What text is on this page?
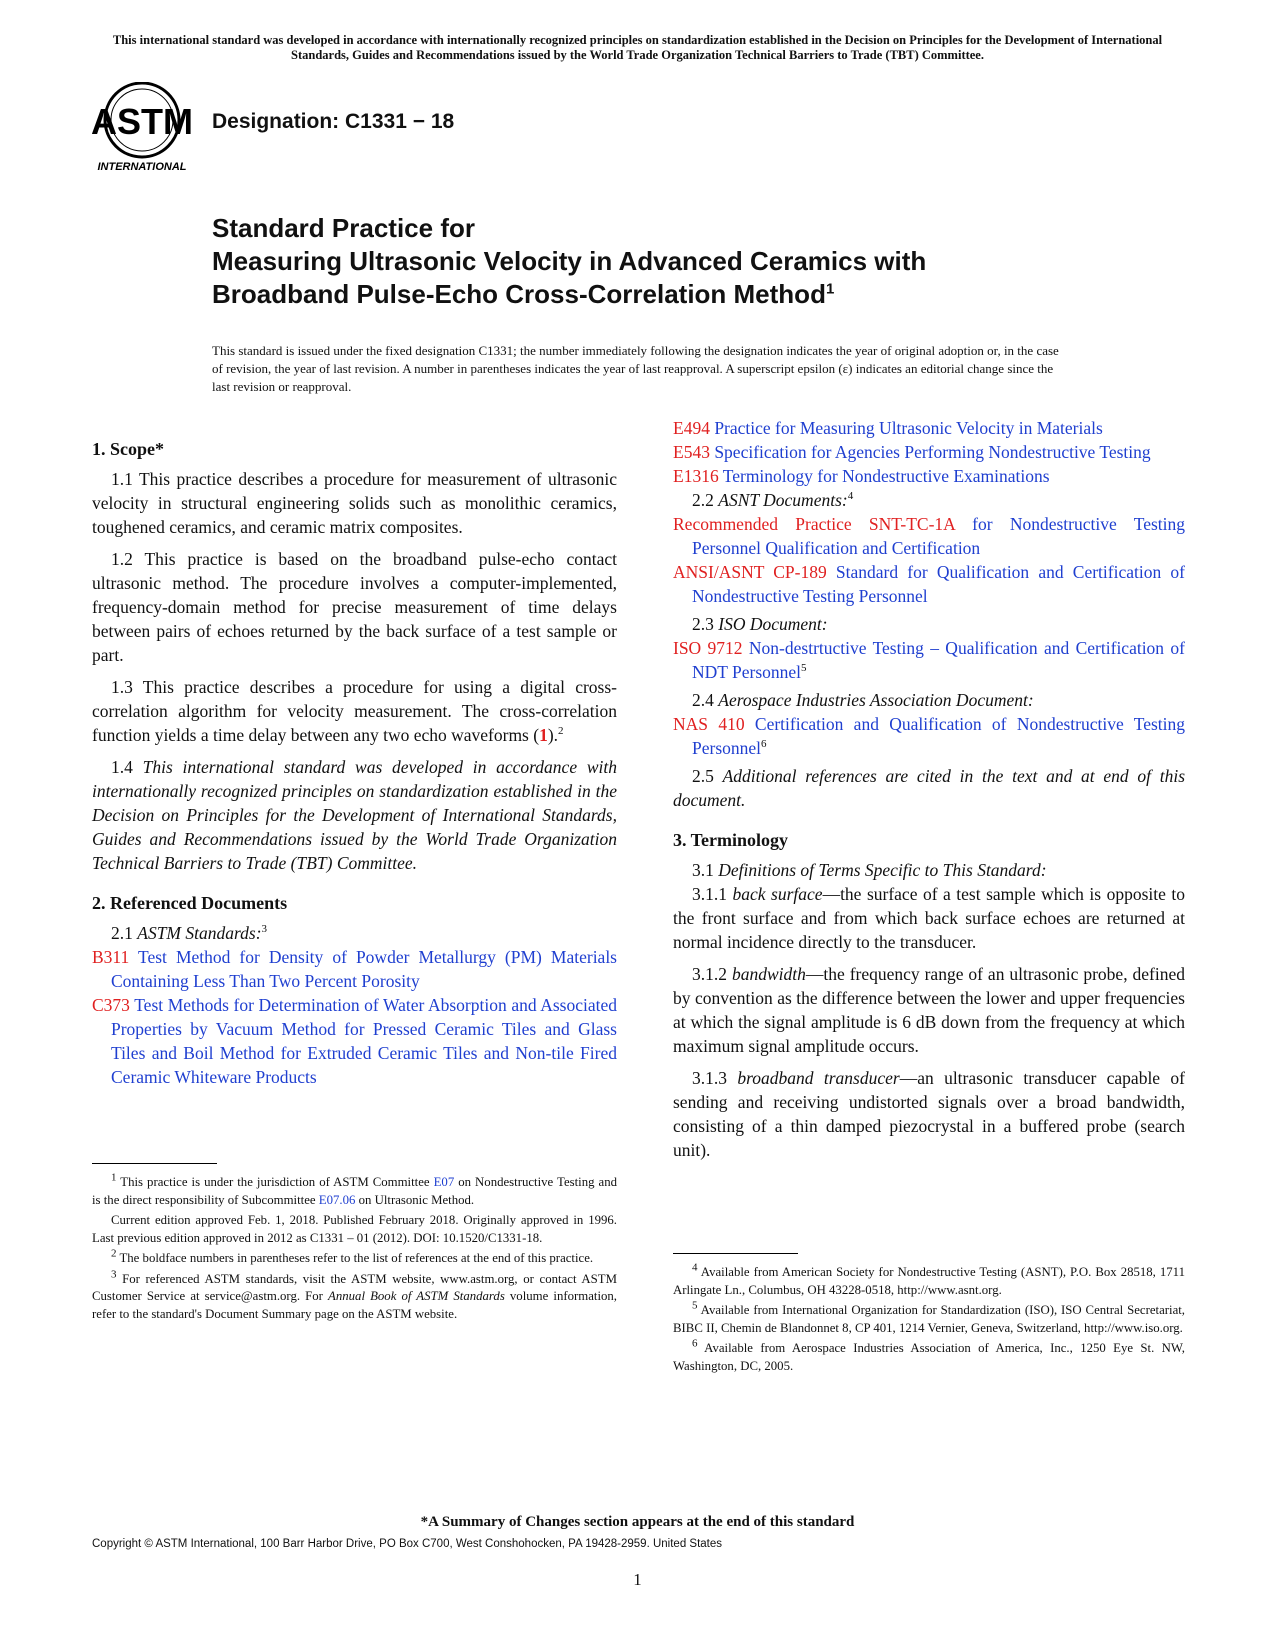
This international standard was developed in accordance with internationally recognized principles on standardization established in the Decision on Principles for the Development of International Standards, Guides and Recommendations issued by the World Trade Organization Technical Barriers to Trade (TBT) Committee.
ASTM
INTERNATIONAL
Designation: C1331 − 18
Standard Practice for
Measuring Ultrasonic Velocity in Advanced Ceramics with
Broadband Pulse-Echo Cross-Correlation Method$^1$
This standard is issued under the fixed designation C1331; the number immediately following the designation indicates the year of original adoption or, in the case of revision, the year of last revision. A number in parentheses indicates the year of last reapproval. A superscript epsilon (ε) indicates an editorial change since the last revision or reapproval.
1. Scope*

1.1 This practice describes a procedure for measurement of ultrasonic velocity in structural engineering solids such as monolithic ceramics, toughened ceramics, and ceramic matrix composites.

1.2 This practice is based on the broadband pulse-echo contact ultrasonic method. The procedure involves a computer-implemented, frequency-domain method for precise measurement of time delays between pairs of echoes returned by the back surface of a test sample or part.

1.3 This practice describes a procedure for using a digital cross-correlation algorithm for velocity measurement. The cross-correlation function yields a time delay between any two echo waveforms (1).$^2$

1.4 This international standard was developed in accordance with internationally recognized principles on standardization established in the Decision on Principles for the Development of International Standards, Guides and Recommendations issued by the World Trade Organization Technical Barriers to Trade (TBT) Committee.

2. Referenced Documents

2.1 ASTM Standards:$^3$

B311 Test Method for Density of Powder Metallurgy (PM) Materials Containing Less Than Two Percent Porosity

C373 Test Methods for Determination of Water Absorption and Associated Properties by Vacuum Method for Pressed Ceramic Tiles and Glass Tiles and Boil Method for Extruded Ceramic Tiles and Non-tile Fired Ceramic Whiteware Products

$^1$ This practice is under the jurisdiction of ASTM Committee E07 on Nondestructive Testing and is the direct responsibility of Subcommittee E07.06 on Ultrasonic Method.

Current edition approved Feb. 1, 2018. Published February 2018. Originally approved in 1996. Last previous edition approved in 2012 as C1331 – 01 (2012). DOI: 10.1520/C1331-18.

$^2$ The boldface numbers in parentheses refer to the list of references at the end of this practice.

$^3$ For referenced ASTM standards, visit the ASTM website, www.astm.org, or contact ASTM Customer Service at service@astm.org. For Annual Book of ASTM Standards volume information, refer to the standard's Document Summary page on the ASTM website.

E494 Practice for Measuring Ultrasonic Velocity in Materials

E543 Specification for Agencies Performing Nondestructive Testing

E1316 Terminology for Nondestructive Examinations

2.2 ASNT Documents:$^4$

Recommended Practice SNT-TC-1A for Nondestructive Testing Personnel Qualification and Certification

ANSI/ASNT CP-189 Standard for Qualification and Certification of Nondestructive Testing Personnel

2.3 ISO Document:

ISO 9712 Non-destrtuctive Testing – Qualification and Certification of NDT Personnel$^5$

2.4 Aerospace Industries Association Document:

NAS 410 Certification and Qualification of Nondestructive Testing Personnel$^6$

2.5 Additional references are cited in the text and at end of this document.

3. Terminology

3.1 Definitions of Terms Specific to This Standard:

3.1.1 back surface—the surface of a test sample which is opposite to the front surface and from which back surface echoes are returned at normal incidence directly to the transducer.

3.1.2 bandwidth—the frequency range of an ultrasonic probe, defined by convention as the difference between the lower and upper frequencies at which the signal amplitude is 6 dB down from the frequency at which maximum signal amplitude occurs.

3.1.3 broadband transducer—an ultrasonic transducer capable of sending and receiving undistorted signals over a broad bandwidth, consisting of a thin damped piezocrystal in a buffered probe (search unit).

$^4$ Available from American Society for Nondestructive Testing (ASNT), P.O. Box 28518, 1711 Arlingate Ln., Columbus, OH 43228-0518, http://www.asnt.org.

$^5$ Available from International Organization for Standardization (ISO), ISO Central Secretariat, BIBC II, Chemin de Blandonnet 8, CP 401, 1214 Vernier, Geneva, Switzerland, http://www.iso.org.

$^6$ Available from Aerospace Industries Association of America, Inc., 1250 Eye St. NW, Washington, DC, 2005.

*A Summary of Changes section appears at the end of this standard
Copyright © ASTM International, 100 Barr Harbor Drive, PO Box C700, West Conshohocken, PA 19428-2959. United States
1
